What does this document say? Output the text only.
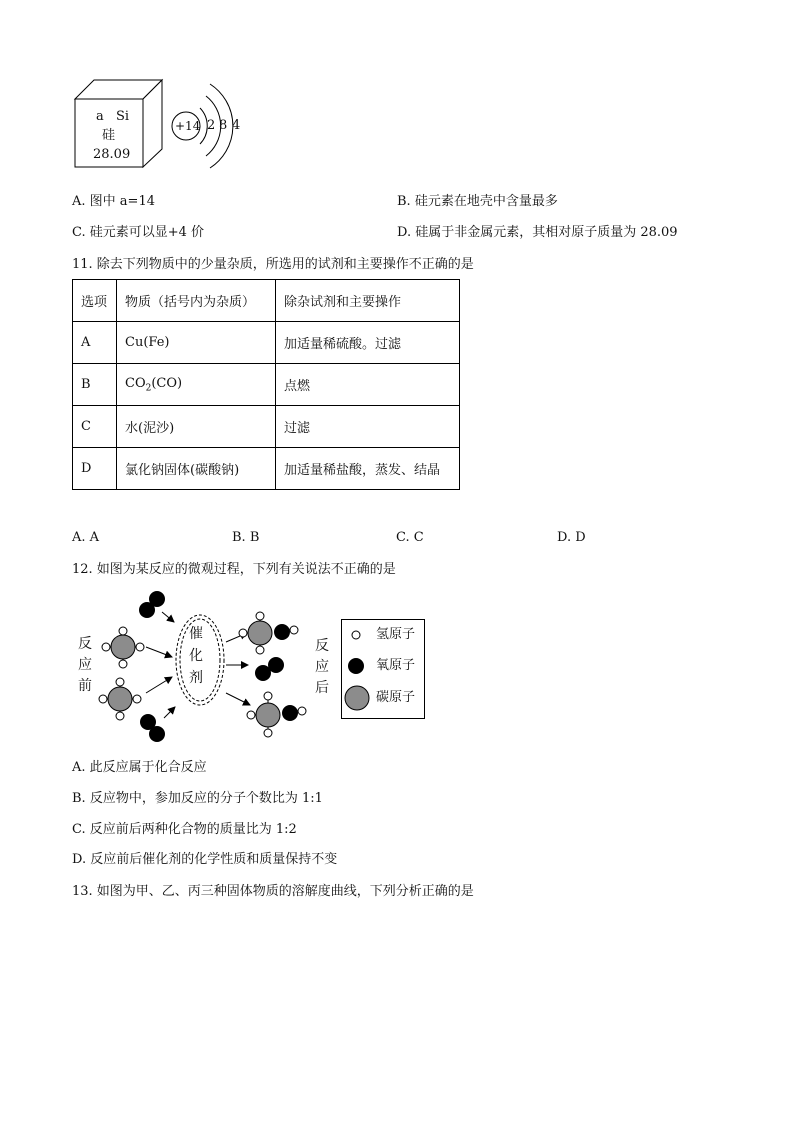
a Si
硅
28.09
+14 2 8 4
A. 图中 a=14	B. 硅元素在地壳中含量最多
C. 硅元素可以显+4 价	D. 硅属于非金属元素，其相对原子质量为 28.09
11. 除去下列物质中的少量杂质，所选用的试剂和主要操作不正确的是
选项	物质（括号内为杂质）	除杂试剂和主要操作
A	Cu(Fe)	加适量稀硫酸。过滤
B	$CO_2(CO)$	点燃
C	水(泥沙)	过滤
D	氯化钠固体(碳酸钠)	加适量稀盐酸，蒸发、结晶
A. A	B. B	C. C	D. D
12. 如图为某反应的微观过程，下列有关说法不正确的是
反
应
前
催
化
剂
反
应
后
氢原子
氧原子
碳原子
A. 此反应属于化合反应
B. 反应物中，参加反应的分子个数比为 1:1
C. 反应前后两种化合物的质量比为 1:2
D. 反应前后催化剂的化学性质和质量保持不变
13. 如图为甲、乙、丙三种固体物质的溶解度曲线，下列分析正确的是
